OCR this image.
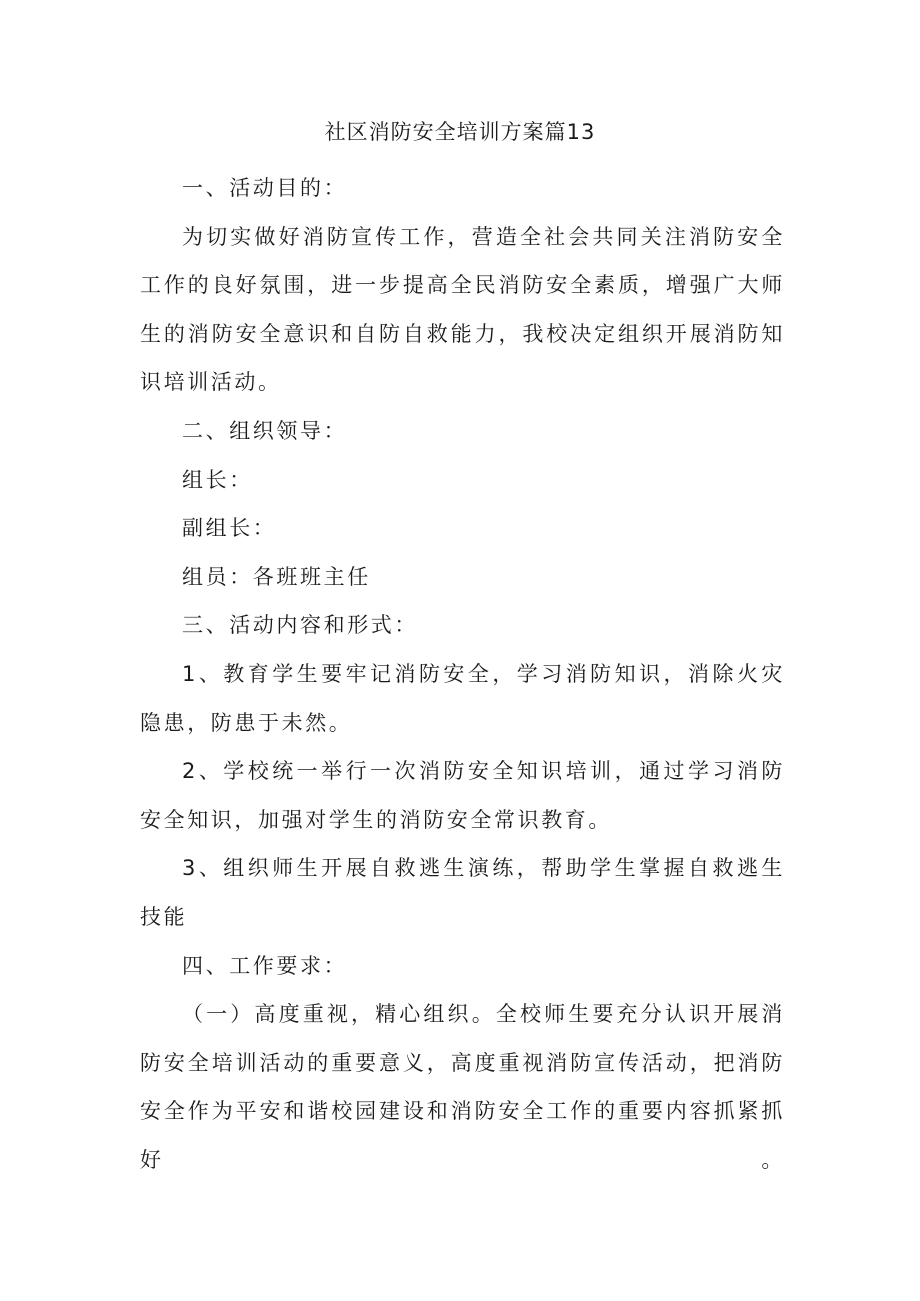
社区消防安全培训方案篇13

一、活动目的：

为切实做好消防宣传工作，营造全社会共同关注消防安全工作的良好氛围，进一步提高全民消防安全素质，增强广大师生的消防安全意识和自防自救能力，我校决定组织开展消防知识培训活动。

二、组织领导：

组长：

副组长：

组员：各班班主任

三、活动内容和形式：

1、教育学生要牢记消防安全，学习消防知识，消除火灾隐患，防患于未然。

2、学校统一举行一次消防安全知识培训，通过学习消防安全知识，加强对学生的消防安全常识教育。

3、组织师生开展自救逃生演练，帮助学生掌握自救逃生技能

四、工作要求：

（一）高度重视，精心组织。全校师生要充分认识开展消防安全培训活动的重要意义，高度重视消防宣传活动，把消防安全作为平安和谐校园建设和消防安全工作的重要内容抓紧抓好。
